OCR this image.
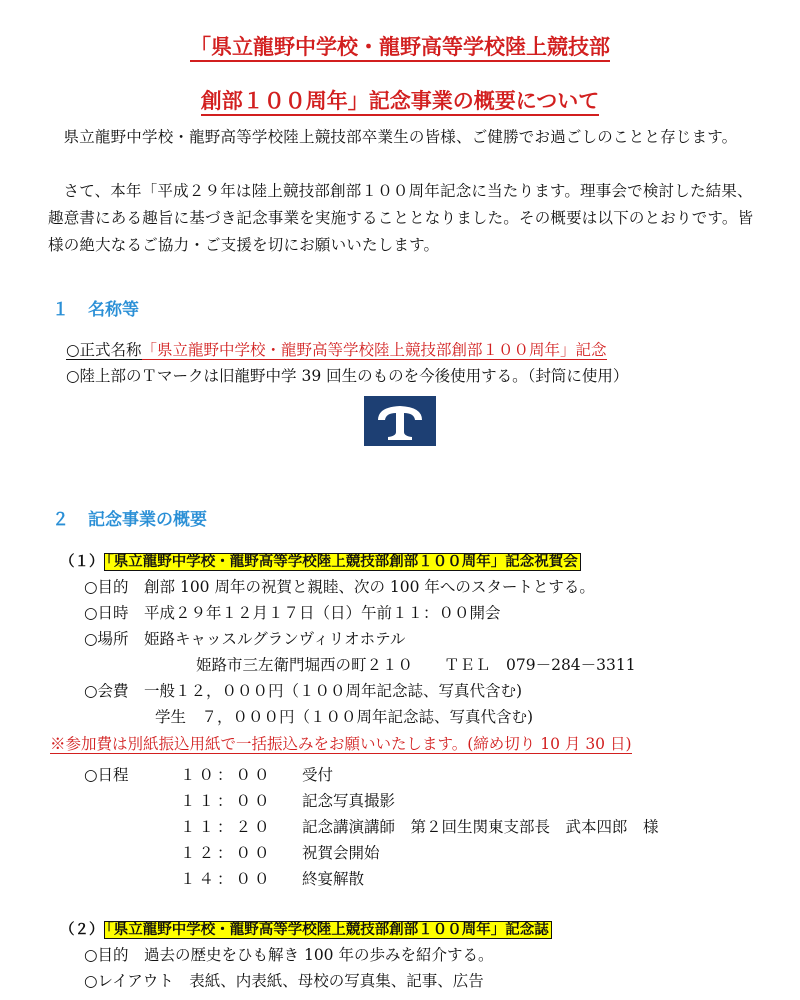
「県立龍野中学校・龍野高等学校陸上競技部
創部１００周年」記念事業の概要について
県立龍野中学校・龍野高等学校陸上競技部卒業生の皆様、ご健勝でお過ごしのことと存じます。
さて、本年「平成２９年は陸上競技部創部１００周年記念に当たります。理事会で検討した結果、趣意書にある趣旨に基づき記念事業を実施することとなりました。その概要は以下のとおりです。皆様の絶大なるご協力・ご支援を切にお願いいたします。
１ 名称等
○正式名称「県立龍野中学校・龍野高等学校陸上競技部創部１００周年」記念
○陸上部のＴマークは旧龍野中学 39 回生のものを今後使用する。（封筒に使用）
２ 記念事業の概要
（１） 「県立龍野中学校・龍野高等学校陸上競技部創部１００周年」記念祝賀会
○目的　創部 100 周年の祝賀と親睦、次の 100 年へのスタートとする。
○日時　平成２９年１２月１７日（日）午前１１：００開会
○場所　姫路キャッスルグランヴィリオホテル
姫路市三左衛門堀西の町２１０　　ＴＥＬ　079－284－3311
○会費　 一般１２，０００円（１００周年記念誌、写真代含む)
学生　７，０００円（１００周年記念誌、写真代含む)
※参加費は別紙振込用紙で一括振込みをお願いいたします。(締め切り 10 月 30 日)
○日程	１０：００ 受付
１１：００ 記念写真撮影
１１：２０ 記念講演講師　第２回生関東支部長　武本四郎　様
１２：００ 祝賀会開始
１４：００ 終宴解散
（２） 「県立龍野中学校・龍野高等学校陸上競技部創部１００周年」記念誌
○目的　過去の歴史をひも解き 100 年の歩みを紹介する。
○レイアウト　表紙、内表紙、母校の写真集、記事、広告
